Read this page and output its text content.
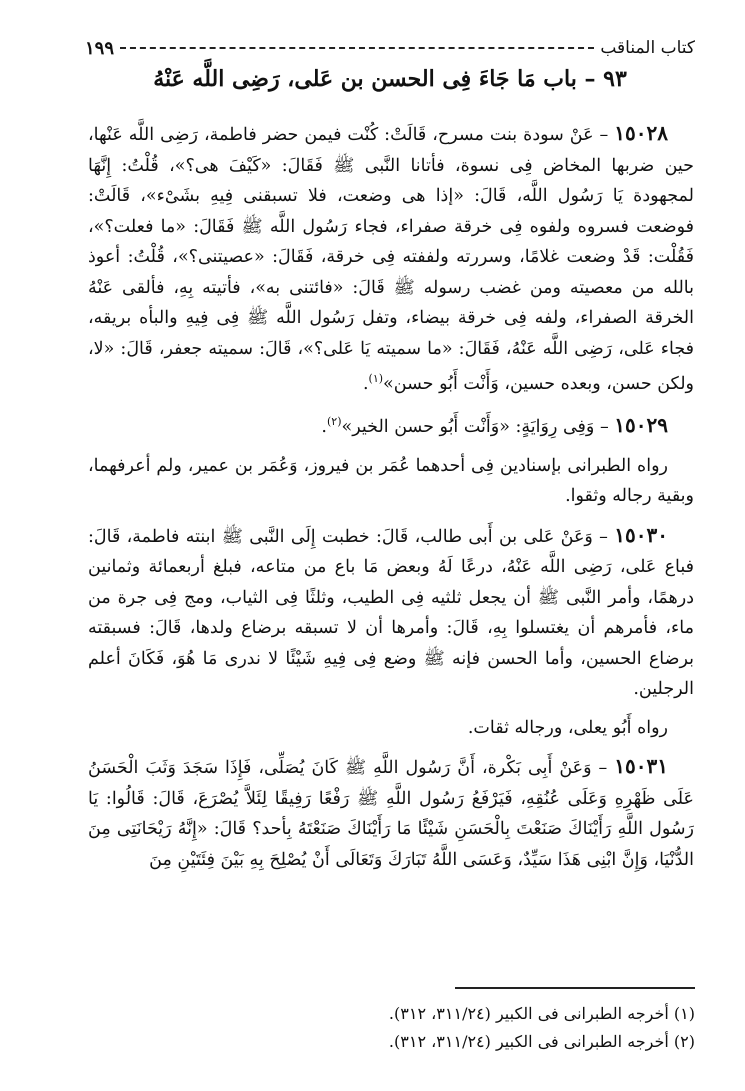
كتاب المناقب
١٩٩
٩٣ – باب مَا جَاءَ فِى الحسن بن عَلى، رَضِى اللَّه عَنْهُ

١٥٠٢٨ – عَنْ سودة بنت مسرح، قَالَتْ: كُنْت فيمن حضر فاطمة، رَضِى اللَّه عَنْها، حين ضربها المخاض فِى نسوة، فأتانا النَّبى ﷺ فَقَالَ: «كَيْفَ هى؟»، قُلْتُ: إِنَّهَا لمجهودة يَا رَسُول اللَّه، قَالَ: «إذا هى وضعت، فلا تسبقنى فِيهِ بشَىْء»، قَالَتْ: فوضعت فسروه ولفوه فِى خرقة صفراء، فجاء رَسُول اللَّه ﷺ فَقَالَ: «ما فعلت؟»، فَقُلْت: قَدْ وضعت غلامًا، وسررته ولففته فِى خرقة، فَقَالَ: «عصيتنى؟»، قُلْتُ: أعوذ بالله من معصيته ومن غضب رسوله ﷺ قَالَ: «فائتنى به»، فأتيته بِهِ، فألقى عَنْهُ الخرقة الصفراء، ولفه فِى خرقة بيضاء، وتفل رَسُول اللَّه ﷺ فِى فِيهِ والبأه بريقه، فجاء عَلى، رَضِى اللَّه عَنْهُ، فَقَالَ: «ما سميته يَا عَلى؟»، قَالَ: سميته جعفر، قَالَ: «لا، ولكن حسن، وبعده حسين، وَأَنْت أَبُو حسن»$^{(١)}$.

١٥٠٢٩ – وَفِى رِوَايَةٍ: «وَأَنْت أَبُو حسن الخير»$^{(٢)}$.

رواه الطبرانى بإسنادين فِى أحدهما عُمَر بن فيروز، وَعُمَر بن عمير، ولم أعرفهما، وبقية رجاله وثقوا.

١٥٠٣٠ – وَعَنْ عَلى بن أَبى طالب، قَالَ: خطبت إِلَى النَّبى ﷺ ابنته فاطمة، قَالَ: فباع عَلى، رَضِى اللَّه عَنْهُ، درعًا لَهُ وبعض مَا باع من متاعه، فبلغ أربعمائة وثمانين درهمًا، وأمر النَّبى ﷺ أن يجعل ثلثيه فِى الطيب، وثلثًا فِى الثياب، ومج فِى جرة من ماء، فأمرهم أن يغتسلوا بِهِ، قَالَ: وأمرها أن لا تسبقه برضاع ولدها، قَالَ: فسبقته برضاع الحسين، وأما الحسن فإنه ﷺ وضع فِى فِيهِ شَيْئًا لا ندرى مَا هُوَ، فَكَانَ أعلم الرجلين.

رواه أَبُو يعلى، ورجاله ثقات.

١٥٠٣١ – وَعَنْ أَبِى بَكْرة، أَنَّ رَسُول اللَّهِ ﷺ كَانَ يُصَلِّى، فَإِذَا سَجَدَ وَثَبَ الْحَسَنُ عَلَى ظَهْرِهِ وَعَلَى عُنُقِهِ، فَيَرْفَعُ رَسُول اللَّهِ ﷺ رَفْعًا رَفِيقًا لِئَلاَّ يُصْرَعَ، قَالَ: قَالُوا: يَا رَسُول اللَّهِ رَأَيْنَاكَ صَنَعْتَ بِالْحَسَنِ شَيْئًا مَا رَأَيْنَاكَ صَنَعْتَهُ بِأحد؟ قَالَ: «إِنَّهُ رَيْحَانَتِى مِنَ الدُّنْيَا، وَإِنَّ ابْنِى هَذَا سَيِّدٌ، وَعَسَى اللَّهُ تَبَارَكَ وَتَعَالَى أَنْ يُصْلِحَ بِهِ بَيْنَ فِئَتَيْنِ مِنَ

(١) أخرجه الطبرانى فى الكبير (٣١١/٢٤، ٣١٢).
(٢) أخرجه الطبرانى فى الكبير (٣١١/٢٤، ٣١٢).
